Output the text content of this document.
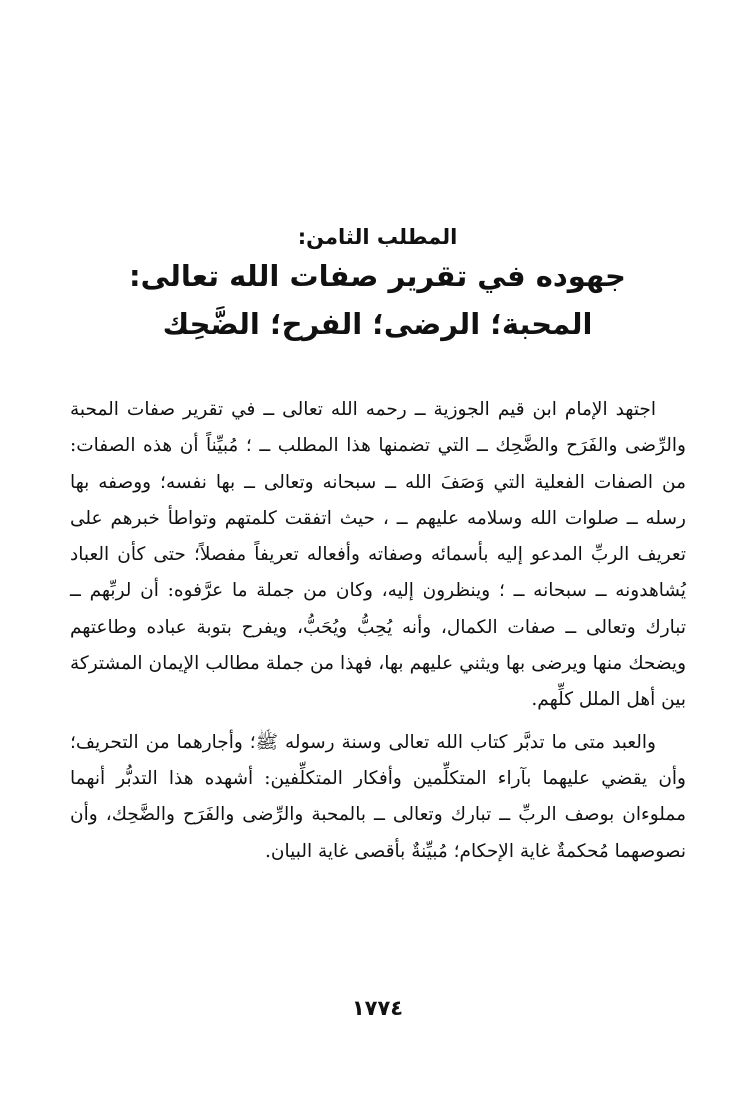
المطلب الثامن:

جهوده في تقرير صفات الله تعالى:

المحبة؛ الرضى؛ الفرح؛ الضَّحِك

اجتهد الإمام ابن قيم الجوزية ــ رحمه الله تعالى ــ في تقرير صفات المحبة والرِّضى والفَرَح والضَّحِك ــ التي تضمنها هذا المطلب ــ ؛ مُبيِّناً أن هذه الصفات: من الصفات الفعلية التي وَصَفَ الله ــ سبحانه وتعالى ــ بها نفسه؛ ووصفه بها رسله ــ صلوات الله وسلامه عليهم ــ ، حيث اتفقت كلمتهم وتواطأ خبرهم على تعريف الربِّ المدعو إليه بأسمائه وصفاته وأفعاله تعريفاً مفصلاً؛ حتى كأن العباد يُشاهدونه ــ سبحانه ــ ؛ وينظرون إليه، وكان من جملة ما عرَّفوه: أن لربِّهم ــ تبارك وتعالى ــ صفات الكمال، وأنه يُحِبُّ ويُحَبُّ، ويفرح بتوبة عباده وطاعتهم ويضحك منها ويرضى بها ويثني عليهم بها، فهذا من جملة مطالب الإيمان المشتركة بين أهل الملل كلِّهم.

والعبد متى ما تدبَّر كتاب الله تعالى وسنة رسوله ﷺ؛ وأجارهما من التحريف؛ وأن يقضي عليهما بآراء المتكلِّمين وأفكار المتكلِّفين: أشهده هذا التدبُّر أنهما مملوءان بوصف الربِّ ــ تبارك وتعالى ــ بالمحبة والرِّضى والفَرَح والضَّحِك، وأن نصوصهما مُحكمةٌ غاية الإحكام؛ مُبيِّنةٌ بأقصى غاية البيان.

١٧٧٤
